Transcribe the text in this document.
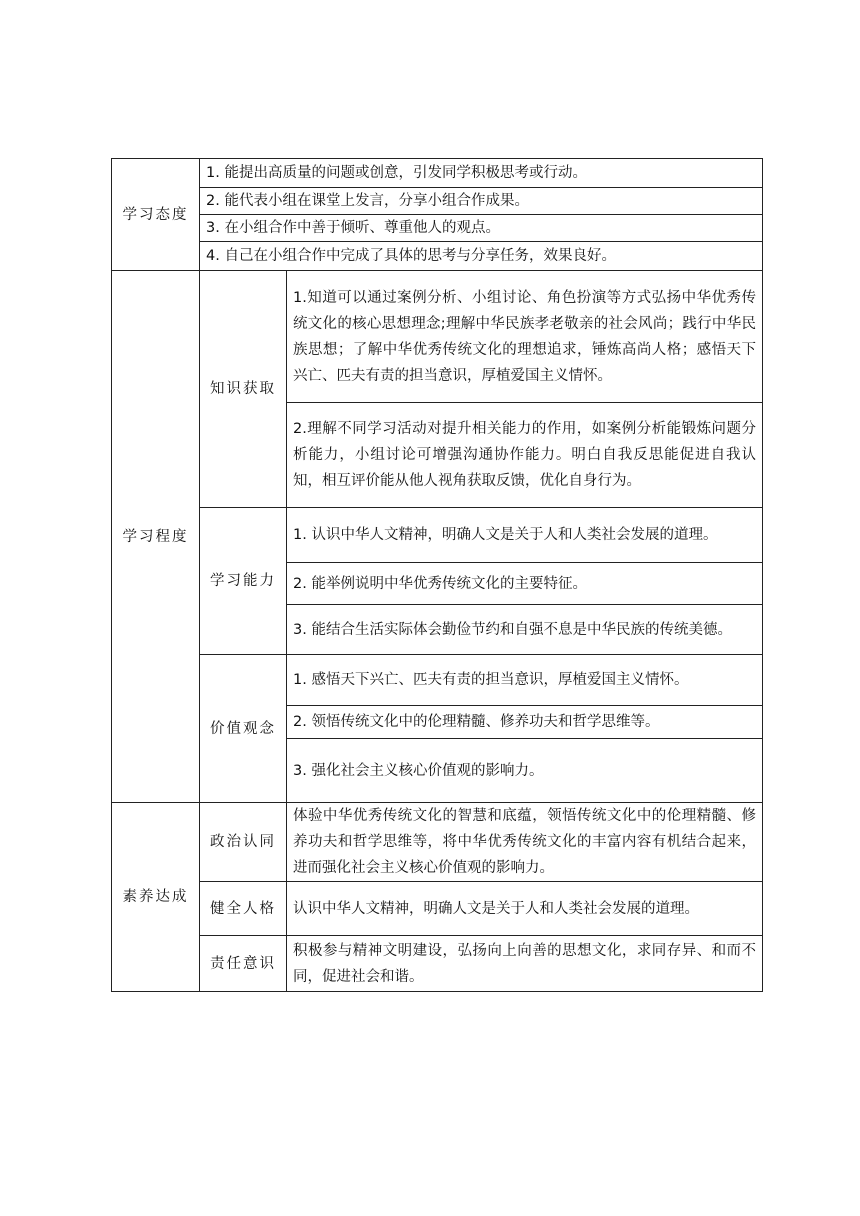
学习态度	1. 能提出高质量的问题或创意，引发同学积极思考或行动。	
	2. 能代表小组在课堂上发言，分享小组合作成果。	
	3. 在小组合作中善于倾听、尊重他人的观点。	
	4. 自己在小组合作中完成了具体的思考与分享任务，效果良好。	
学习程度	知识获取	1.知道可以通过案例分析、小组讨论、角色扮演等方式弘扬中华优秀传统文化的核心思想理念;理解中华民族孝老敬亲的社会风尚；践行中华民族思想；了解中华优秀传统文化的理想追求，锤炼高尚人格；感悟天下兴亡、匹夫有责的担当意识，厚植爱国主义情怀。
		2.理解不同学习活动对提升相关能力的作用，如案例分析能锻炼问题分析能力，小组讨论可增强沟通协作能力。明白自我反思能促进自我认知，相互评价能从他人视角获取反馈，优化自身行为。
	学习能力	1. 认识中华人文精神，明确人文是关于人和人类社会发展的道理。
		2. 能举例说明中华优秀传统文化的主要特征。
		3. 能结合生活实际体会勤俭节约和自强不息是中华民族的传统美德。
	价值观念	1. 感悟天下兴亡、匹夫有责的担当意识，厚植爱国主义情怀。
		2. 领悟传统文化中的伦理精髓、修养功夫和哲学思维等。
		3. 强化社会主义核心价值观的影响力。
素养达成	政治认同	体验中华优秀传统文化的智慧和底蕴，领悟传统文化中的伦理精髓、修养功夫和哲学思维等，将中华优秀传统文化的丰富内容有机结合起来，进而强化社会主义核心价值观的影响力。
	健全人格	认识中华人文精神，明确人文是关于人和人类社会发展的道理。
	责任意识	积极参与精神文明建设，弘扬向上向善的思想文化，求同存异、和而不同，促进社会和谐。
